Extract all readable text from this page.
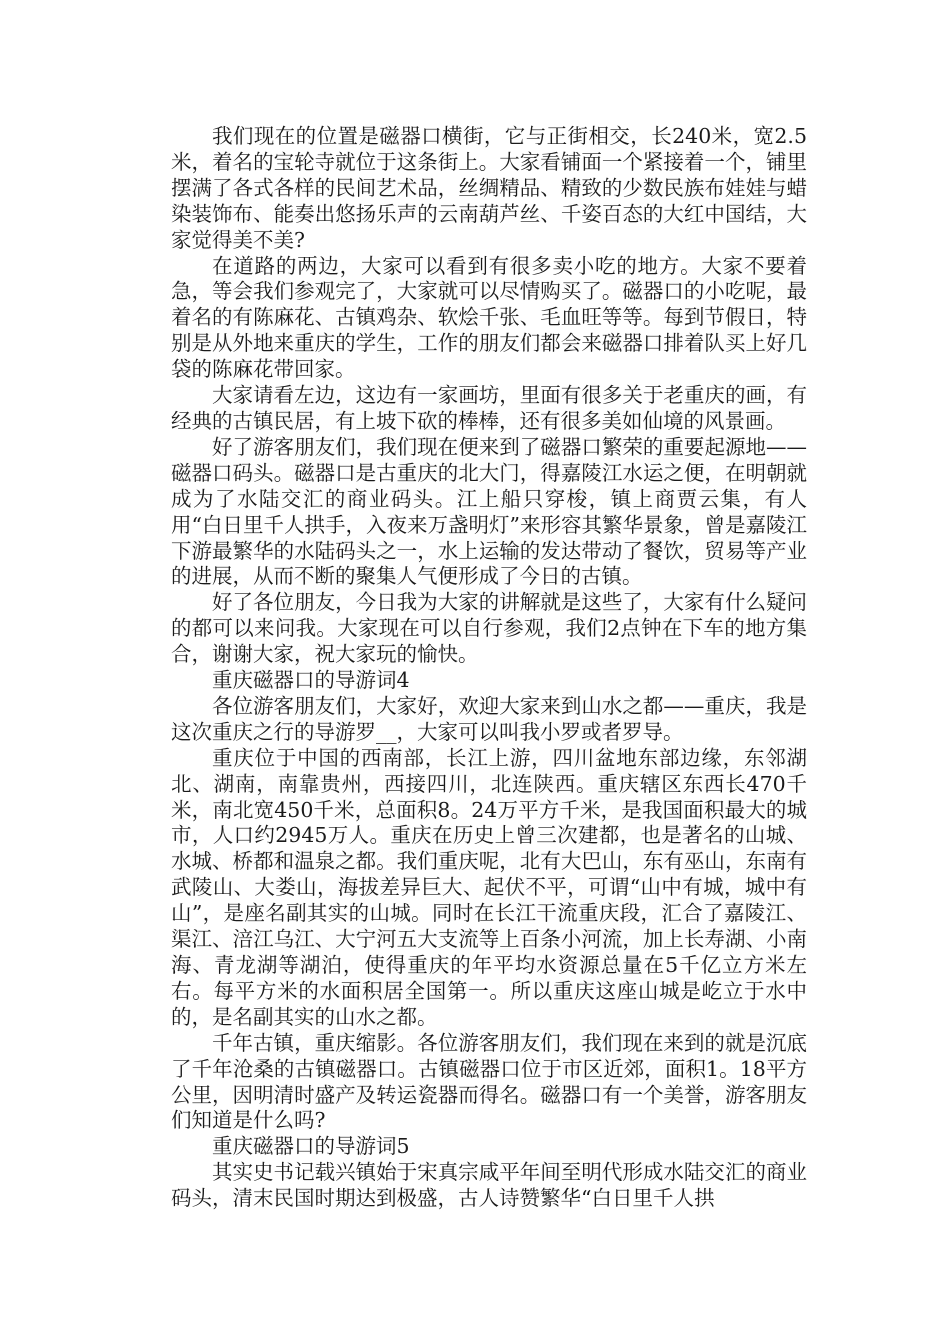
我们现在的位置是磁器口横街，它与正街相交，长240米，宽2.5米，着名的宝轮寺就位于这条街上。大家看铺面一个紧接着一个，铺里摆满了各式各样的民间艺术品，丝绸精品、精致的少数民族布娃娃与蜡染装饰布、能奏出悠扬乐声的云南葫芦丝、千姿百态的大红中国结，大家觉得美不美?

在道路的两边，大家可以看到有很多卖小吃的地方。大家不要着急，等会我们参观完了，大家就可以尽情购买了。磁器口的小吃呢，最着名的有陈麻花、古镇鸡杂、软烩千张、毛血旺等等。每到节假日，特别是从外地来重庆的学生，工作的朋友们都会来磁器口排着队买上好几袋的陈麻花带回家。

大家请看左边，这边有一家画坊，里面有很多关于老重庆的画，有经典的古镇民居，有上坡下砍的棒棒，还有很多美如仙境的风景画。

好了游客朋友们，我们现在便来到了磁器口繁荣的重要起源地——磁器口码头。磁器口是古重庆的北大门，得嘉陵江水运之便，在明朝就成为了水陆交汇的商业码头。江上船只穿梭，镇上商贾云集，有人用“白日里千人拱手，入夜来万盏明灯”来形容其繁华景象，曾是嘉陵江下游最繁华的水陆码头之一，水上运输的发达带动了餐饮，贸易等产业的进展，从而不断的聚集人气便形成了今日的古镇。

好了各位朋友，今日我为大家的讲解就是这些了，大家有什么疑问的都可以来问我。大家现在可以自行参观，我们2点钟在下车的地方集合，谢谢大家，祝大家玩的愉快。

重庆磁器口的导游词4

各位游客朋友们，大家好，欢迎大家来到山水之都——重庆，我是这次重庆之行的导游罗__，大家可以叫我小罗或者罗导。

重庆位于中国的西南部，长江上游，四川盆地东部边缘，东邻湖北、湖南，南靠贵州，西接四川，北连陕西。重庆辖区东西长470千米，南北宽450千米，总面积8。24万平方千米，是我国面积最大的城市，人口约2945万人。重庆在历史上曾三次建都，也是著名的山城、水城、桥都和温泉之都。我们重庆呢，北有大巴山，东有巫山，东南有武陵山、大娄山，海拔差异巨大、起伏不平，可谓“山中有城，城中有山”，是座名副其实的山城。同时在长江干流重庆段，汇合了嘉陵江、渠江、涪江乌江、大宁河五大支流等上百条小河流，加上长寿湖、小南海、青龙湖等湖泊，使得重庆的年平均水资源总量在5千亿立方米左右。每平方米的水面积居全国第一。所以重庆这座山城是屹立于水中的，是名副其实的山水之都。

千年古镇，重庆缩影。各位游客朋友们，我们现在来到的就是沉底了千年沧桑的古镇磁器口。古镇磁器口位于市区近郊，面积1。18平方公里，因明清时盛产及转运瓷器而得名。磁器口有一个美誉，游客朋友们知道是什么吗?

重庆磁器口的导游词5

其实史书记载兴镇始于宋真宗咸平年间至明代形成水陆交汇的商业码头，清末民国时期达到极盛，古人诗赞繁华“白日里千人拱
